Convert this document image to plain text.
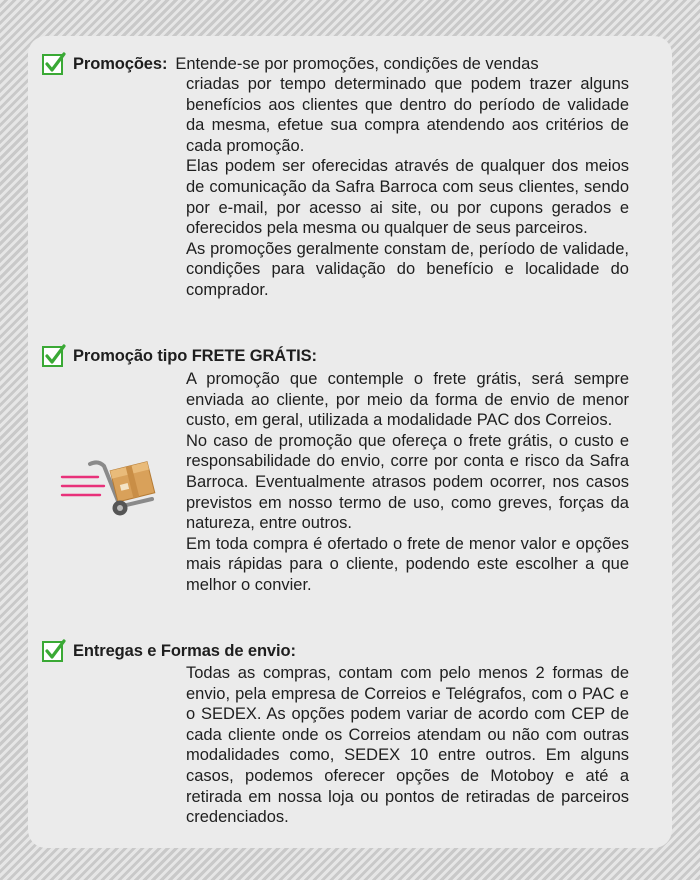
Promoções: Entende-se por promoções, condições de vendas

criadas por tempo determinado que podem trazer alguns benefícios aos clientes que dentro do período de validade da mesma, efetue sua compra atendendo aos critérios de cada promoção.

Elas podem ser oferecidas através de qualquer dos meios de comunicação da Safra Barroca com seus clientes, sendo por e-mail, por acesso ai site, ou por cupons gerados e oferecidos pela mesma ou qualquer de seus parceiros.

As promoções geralmente constam de, período de validade, condições para validação do benefício e localidade do comprador.

Promoção tipo FRETE GRÁTIS:

A promoção que contemple o frete grátis, será sempre enviada ao cliente, por meio da forma de envio de menor custo, em geral, utilizada a modalidade PAC dos Correios.

No caso de promoção que ofereça o frete grátis, o custo e responsabilidade do envio, corre por conta e risco da Safra Barroca. Eventualmente atrasos podem ocorrer, nos casos previstos em nosso termo de uso, como greves, forças da natureza, entre outros.

Em toda compra é ofertado o frete de menor valor e opções mais rápidas para o cliente, podendo este escolher a que melhor o convier.

Entregas e Formas de envio:

Todas as compras, contam com pelo menos 2 formas de envio, pela empresa de Correios e Telégrafos, com o PAC e o SEDEX. As opções podem variar de acordo com CEP de cada cliente onde os Correios atendam ou não com outras modalidades como, SEDEX 10 entre outros. Em alguns casos, podemos oferecer opções de Motoboy e até a retirada em nossa loja ou pontos de retiradas de parceiros credenciados.
